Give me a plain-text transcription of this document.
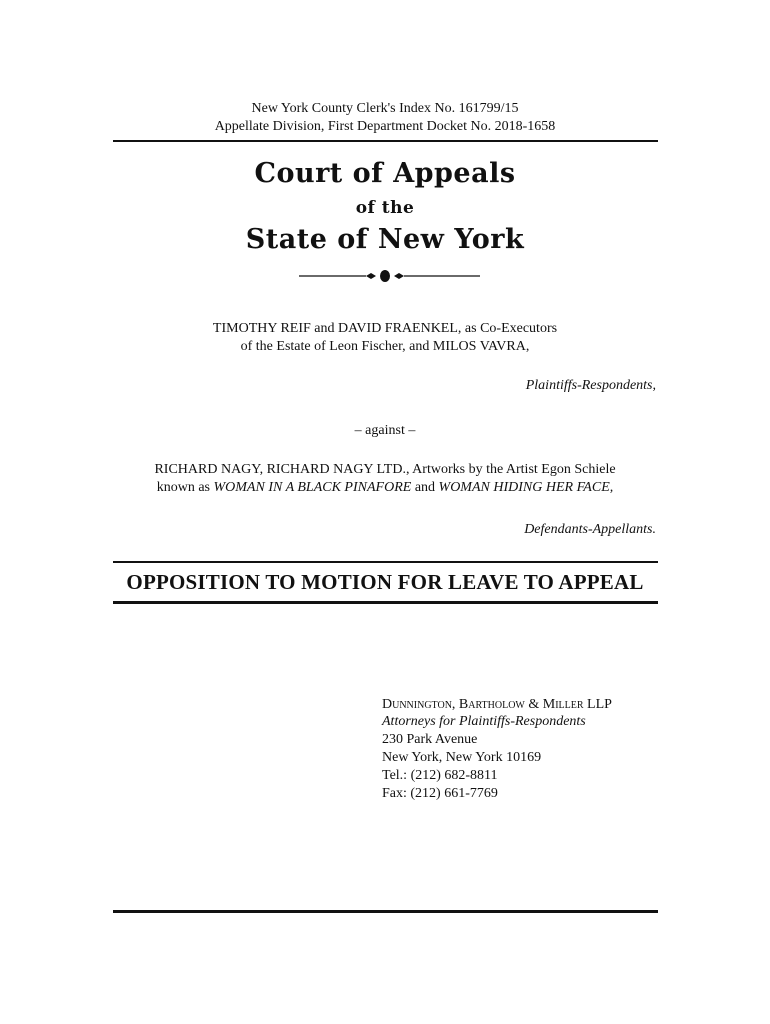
New York County Clerk's Index No. 161799/15
Appellate Division, First Department Docket No. 2018-1658
Court of Appeals
of the
State of New York
TIMOTHY REIF and DAVID FRAENKEL, as Co-Executors
of the Estate of Leon Fischer, and MILOS VAVRA,
Plaintiffs-Respondents,
– against –
RICHARD NAGY, RICHARD NAGY LTD., Artworks by the Artist Egon Schiele
known as WOMAN IN A BLACK PINAFORE and WOMAN HIDING HER FACE,
Defendants-Appellants.
OPPOSITION TO MOTION FOR LEAVE TO APPEAL
Dunnington, Bartholow & Miller LLP
Attorneys for Plaintiffs-Respondents
230 Park Avenue
New York, New York 10169
Tel.: (212) 682-8811
Fax: (212) 661-7769
